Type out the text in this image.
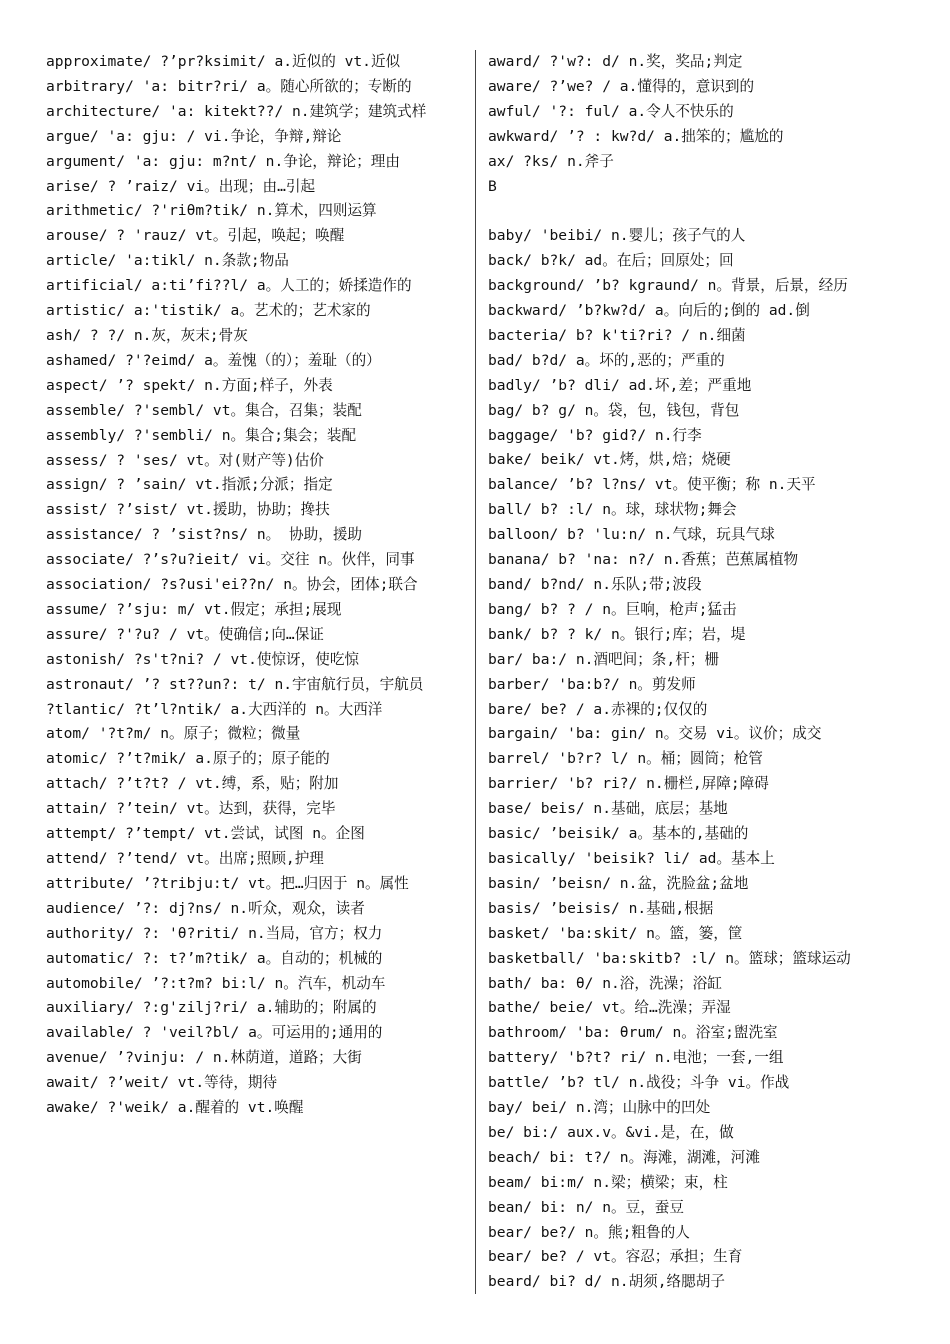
approximate/ ?’pr?ksimit/ a.近似的 vt.近似
arbitrary/ 'a: bitr?ri/ a。随心所欲的；专断的
architecture/ 'a: kitekt??/ n.建筑学；建筑式样
argue/ 'a: gju: / vi.争论，争辩,辩论
argument/ 'a: gju: m?nt/ n.争论，辩论；理由
arise/ ? ’raiz/ vi。出现；由…引起
arithmetic/ ?'riθm?tik/ n.算术，四则运算
arouse/ ? 'rauz/ vt。引起，唤起；唤醒
article/ 'a:tikl/ n.条款;物品
artificial/ a:ti’fi??l/ a。人工的；娇揉造作的
artistic/ a:'tistik/ a。艺术的；艺术家的
ash/ ? ?/ n.灰，灰末;骨灰
ashamed/ ?'?eimd/ a。羞愧（的）；羞耻（的）
aspect/ ’? spekt/ n.方面;样子，外表
assemble/ ?'sembl/ vt。集合，召集；装配
assembly/ ?'sembli/ n。集合;集会；装配
assess/ ? 'ses/ vt。对(财产等)估价
assign/ ? ’sain/ vt.指派;分派；指定
assist/ ?’sist/ vt.援助，协助；搀扶
assistance/ ? ’sist?ns/ n。 协助，援助
associate/ ?’s?u?ieit/ vi。交往 n。伙伴，同事
association/ ?s?usi'ei??n/ n。协会，团体;联合
assume/ ?’sju: m/ vt.假定；承担;展现
assure/ ?'?u? / vt。使确信;向…保证
astonish/ ?s't?ni? / vt.使惊讶，使吃惊
astronaut/ ’? st??un?: t/ n.宇宙航行员，宇航员
?tlantic/ ?t’l?ntik/ a.大西洋的 n。大西洋
atom/ '?t?m/ n。原子；微粒；微量
atomic/ ?’t?mik/ a.原子的；原子能的
attach/ ?’t?t? / vt.缚，系，贴；附加
attain/ ?’tein/ vt。达到，获得，完毕
attempt/ ?’tempt/ vt.尝试，试图 n。企图
attend/ ?’tend/ vt。出席;照顾,护理
attribute/ ’?tribju:t/ vt。把…归因于 n。属性
audience/ ’?: dj?ns/ n.听众，观众，读者
authority/ ?: 'θ?riti/ n.当局，官方；权力
automatic/ ?: t?’m?tik/ a。自动的；机械的
automobile/ ’?:t?m? bi:l/ n。汽车，机动车
auxiliary/ ?:g'zilj?ri/ a.辅助的；附属的
available/ ? 'veil?bl/ a。可运用的;通用的
avenue/ ’?vinju: / n.林荫道，道路；大街
await/ ?’weit/ vt.等待，期待
awake/ ?'weik/ a.醒着的 vt.唤醒
award/ ?'w?: d/ n.奖，奖品;判定
aware/ ?’we? / a.懂得的，意识到的
awful/ '?: ful/ a.令人不快乐的
awkward/ ’? : kw?d/ a.拙笨的；尴尬的
ax/ ?ks/ n.斧子
B
baby/ 'beibi/ n.婴儿；孩子气的人
back/ b?k/ ad。在后；回原处；回
background/ ’b? kgraund/ n。背景，后景，经历
backward/ ’b?kw?d/ a。向后的;倒的 ad.倒
bacteria/ b? k'ti?ri? / n.细菌
bad/ b?d/ a。坏的,恶的；严重的
badly/ ’b? dli/ ad.坏,差；严重地
bag/ b? g/ n。袋，包，钱包，背包
baggage/ 'b? gid?/ n.行李
bake/ beik/ vt.烤，烘,焙；烧硬
balance/ ’b? l?ns/ vt。使平衡；称 n.天平
ball/ b? :l/ n。球，球状物;舞会
balloon/ b? 'lu:n/ n.气球，玩具气球
banana/ b? 'na: n?/ n.香蕉；芭蕉属植物
band/ b?nd/ n.乐队;带;波段
bang/ b? ? / n。巨响，枪声;猛击
bank/ b? ? k/ n。银行;库；岩，堤
bar/ ba:/ n.酒吧间；条,杆；栅
barber/ 'ba:b?/ n。剪发师
bare/ be? / a.赤裸的;仅仅的
bargain/ 'ba: gin/ n。交易 vi。议价；成交
barrel/ 'b?r? l/ n。桶；圆筒；枪管
barrier/ 'b? ri?/ n.栅栏,屏障;障碍
base/ beis/ n.基础，底层；基地
basic/ ’beisik/ a。基本的,基础的
basically/ 'beisik? li/ ad。基本上
basin/ ’beisn/ n.盆，洗脸盆;盆地
basis/ ’beisis/ n.基础,根据
basket/ 'ba:skit/ n。篮，篓，筐
basketball/ 'ba:skitb? :l/ n。篮球；篮球运动
bath/ ba: θ/ n.浴，洗澡；浴缸
bathe/ beie/ vt。给…洗澡；弄湿
bathroom/ 'ba: θrum/ n。浴室;盥洗室
battery/ 'b?t? ri/ n.电池；一套,一组
battle/ ’b? tl/ n.战役；斗争 vi。作战
bay/ bei/ n.湾；山脉中的凹处
be/ bi:/ aux.v。&vi.是，在，做
beach/ bi: t?/ n。海滩，湖滩，河滩
beam/ bi:m/ n.梁；横梁；束，柱
bean/ bi: n/ n。豆，蚕豆
bear/ be?/ n。熊;粗鲁的人
bear/ be? / vt。容忍；承担；生育
beard/ bi? d/ n.胡须,络腮胡子
